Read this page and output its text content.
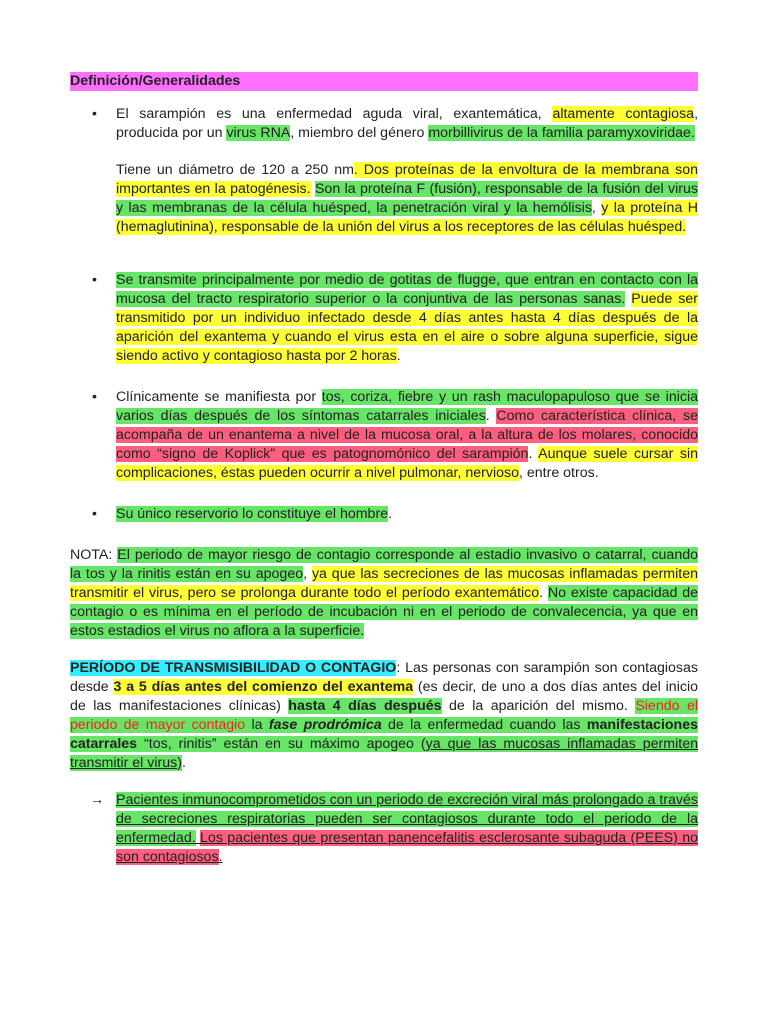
Definición/Generalidades
• El sarampión es una enfermedad aguda viral, exantemática, altamente contagiosa, producida por un virus RNA, miembro del género morbillivirus de la familia paramyxoviridae.

Tiene un diámetro de 120 a 250 nm. Dos proteínas de la envoltura de la membrana son importantes en la patogénesis. Son la proteína F (fusión), responsable de la fusión del virus y las membranas de la célula huésped, la penetración viral y la hemólisis, y la proteína H (hemaglutinina), responsable de la unión del virus a los receptores de las células huésped.

• Se transmite principalmente por medio de gotitas de flugge, que entran en contacto con la mucosa del tracto respiratorio superior o la conjuntiva de las personas sanas. Puede ser transmitido por un individuo infectado desde 4 días antes hasta 4 días después de la aparición del exantema y cuando el virus esta en el aire o sobre alguna superficie, sigue siendo activo y contagioso hasta por 2 horas.

• Clínicamente se manifiesta por tos, coriza, fiebre y un rash maculopapuloso que se inicia varios días después de los síntomas catarrales iniciales. Como característica clínica, se acompaña de un enantema a nivel de la mucosa oral, a la altura de los molares, conocido como “signo de Koplick” que es patognomónico del sarampión. Aunque suele cursar sin complicaciones, éstas pueden ocurrir a nivel pulmonar, nervioso, entre otros.

• Su único reservorio lo constituye el hombre.

NOTA: El periodo de mayor riesgo de contagio corresponde al estadio invasivo o catarral, cuando la tos y la rinitis están en su apogeo, ya que las secreciones de las mucosas inflamadas permiten transmitir el virus, pero se prolonga durante todo el período exantemático. No existe capacidad de contagio o es mínima en el período de incubación ni en el periodo de convalecencia, ya que en estos estadios el virus no aflora a la superficie.

PERÍODO DE TRANSMISIBILIDAD O CONTAGIO: Las personas con sarampión son contagiosas desde 3 a 5 días antes del comienzo del exantema (es decir, de uno a dos días antes del inicio de las manifestaciones clínicas) hasta 4 días después de la aparición del mismo. Siendo el periodo de mayor contagio la fase prodrómica de la enfermedad cuando las manifestaciones catarrales “tos, rinitis” están en su máximo apogeo (ya que las mucosas inflamadas permiten transmitir el virus).

→ Pacientes inmunocomprometidos con un periodo de excreción viral más prolongado a través de secreciones respiratorias pueden ser contagiosos durante todo el periodo de la enfermedad. Los pacientes que presentan panencefalitis esclerosante subaguda (PEES) no son contagiosos.
